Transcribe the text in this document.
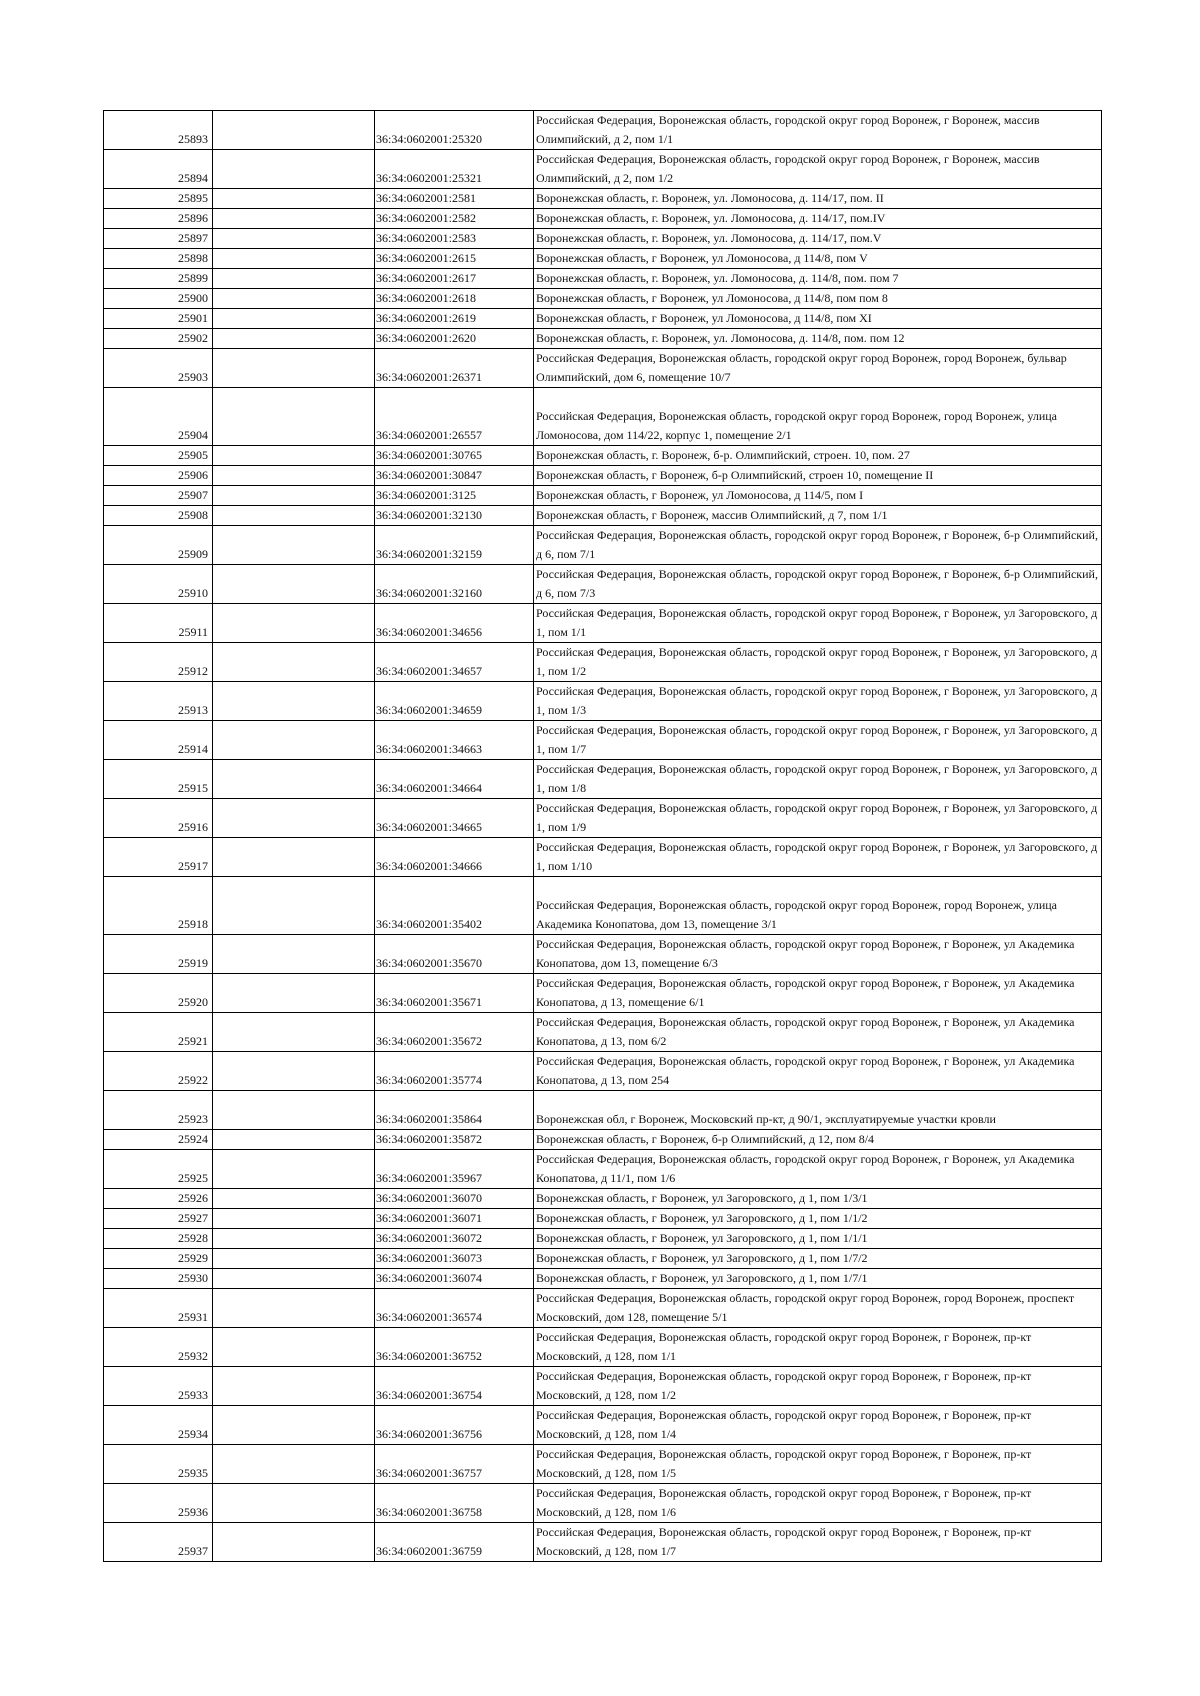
25893		36:34:0602001:25320	Российская Федерация, Воронежская область, городской округ город Воронеж, г Воронеж, массив Олимпийский, д 2, пом 1/1
25894		36:34:0602001:25321	Российская Федерация, Воронежская область, городской округ город Воронеж, г Воронеж, массив Олимпийский, д 2, пом 1/2
25895		36:34:0602001:2581	Воронежская область, г. Воронеж, ул. Ломоносова, д. 114/17, пом. II
25896		36:34:0602001:2582	Воронежская область, г. Воронеж, ул. Ломоносова, д. 114/17, пом.IV
25897		36:34:0602001:2583	Воронежская область, г. Воронеж, ул. Ломоносова, д. 114/17, пом.V
25898		36:34:0602001:2615	Воронежская область, г Воронеж, ул Ломоносова, д 114/8, пом V
25899		36:34:0602001:2617	Воронежская область, г. Воронеж, ул. Ломоносова, д. 114/8, пом. пом 7
25900		36:34:0602001:2618	Воронежская область, г Воронеж, ул Ломоносова, д 114/8, пом пом 8
25901		36:34:0602001:2619	Воронежская область, г Воронеж, ул Ломоносова, д 114/8, пом XI
25902		36:34:0602001:2620	Воронежская область, г. Воронеж, ул. Ломоносова, д. 114/8, пом. пом 12
25903		36:34:0602001:26371	Российская Федерация, Воронежская область, городской округ город Воронеж, город Воронеж, бульвар Олимпийский, дом 6, помещение 10/7
25904		36:34:0602001:26557	Российская Федерация, Воронежская область, городской округ город Воронеж, город Воронеж, улица Ломоносова, дом 114/22, корпус 1, помещение 2/1
25905		36:34:0602001:30765	Воронежская область, г. Воронеж, б-р. Олимпийский, строен. 10, пом. 27
25906		36:34:0602001:30847	Воронежская область, г Воронеж, б-р Олимпийский, строен 10, помещение II
25907		36:34:0602001:3125	Воронежская область, г Воронеж, ул Ломоносова, д 114/5, пом I
25908		36:34:0602001:32130	Воронежская область, г Воронеж, массив Олимпийский, д 7, пом 1/1
25909		36:34:0602001:32159	Российская Федерация, Воронежская область, городской округ город Воронеж, г Воронеж, б-р Олимпийский, д 6, пом 7/1
25910		36:34:0602001:32160	Российская Федерация, Воронежская область, городской округ город Воронеж, г Воронеж, б-р Олимпийский, д 6, пом 7/3
25911		36:34:0602001:34656	Российская Федерация, Воронежская область, городской округ город Воронеж, г Воронеж, ул Загоровского, д 1, пом 1/1
25912		36:34:0602001:34657	Российская Федерация, Воронежская область, городской округ город Воронеж, г Воронеж, ул Загоровского, д 1, пом 1/2
25913		36:34:0602001:34659	Российская Федерация, Воронежская область, городской округ город Воронеж, г Воронеж, ул Загоровского, д 1, пом 1/3
25914		36:34:0602001:34663	Российская Федерация, Воронежская область, городской округ город Воронеж, г Воронеж, ул Загоровского, д 1, пом 1/7
25915		36:34:0602001:34664	Российская Федерация, Воронежская область, городской округ город Воронеж, г Воронеж, ул Загоровского, д 1, пом 1/8
25916		36:34:0602001:34665	Российская Федерация, Воронежская область, городской округ город Воронеж, г Воронеж, ул Загоровского, д 1, пом 1/9
25917		36:34:0602001:34666	Российская Федерация, Воронежская область, городской округ город Воронеж, г Воронеж, ул Загоровского, д 1, пом 1/10
25918		36:34:0602001:35402	Российская Федерация, Воронежская область, городской округ город Воронеж, город Воронеж, улица Академика Конопатова, дом 13, помещение 3/1
25919		36:34:0602001:35670	Российская Федерация, Воронежская область, городской округ город Воронеж, г Воронеж, ул Академика Конопатова, дом 13, помещение 6/3
25920		36:34:0602001:35671	Российская Федерация, Воронежская область, городской округ город Воронеж, г Воронеж, ул Академика Конопатова, д 13, помещение 6/1
25921		36:34:0602001:35672	Российская Федерация, Воронежская область, городской округ город Воронеж, г Воронеж, ул Академика Конопатова, д 13, пом 6/2
25922		36:34:0602001:35774	Российская Федерация, Воронежская область, городской округ город Воронеж, г Воронеж, ул Академика Конопатова, д 13, пом 254
25923		36:34:0602001:35864	Воронежская обл, г Воронеж, Московский пр-кт, д 90/1, эксплуатируемые участки кровли
25924		36:34:0602001:35872	Воронежская область, г Воронеж, б-р Олимпийский, д 12, пом 8/4
25925		36:34:0602001:35967	Российская Федерация, Воронежская область, городской округ город Воронеж, г Воронеж, ул Академика Конопатова, д 11/1, пом 1/6
25926		36:34:0602001:36070	Воронежская область, г Воронеж, ул Загоровского, д 1, пом 1/3/1
25927		36:34:0602001:36071	Воронежская область, г Воронеж, ул Загоровского, д 1, пом 1/1/2
25928		36:34:0602001:36072	Воронежская область, г Воронеж, ул Загоровского, д 1, пом 1/1/1
25929		36:34:0602001:36073	Воронежская область, г Воронеж, ул Загоровского, д 1, пом 1/7/2
25930		36:34:0602001:36074	Воронежская область, г Воронеж, ул Загоровского, д 1, пом 1/7/1
25931		36:34:0602001:36574	Российская Федерация, Воронежская область, городской округ город Воронеж, город Воронеж, проспект Московский, дом 128, помещение 5/1
25932		36:34:0602001:36752	Российская Федерация, Воронежская область, городской округ город Воронеж, г Воронеж, пр-кт Московский, д 128, пом 1/1
25933		36:34:0602001:36754	Российская Федерация, Воронежская область, городской округ город Воронеж, г Воронеж, пр-кт Московский, д 128, пом 1/2
25934		36:34:0602001:36756	Российская Федерация, Воронежская область, городской округ город Воронеж, г Воронеж, пр-кт Московский, д 128, пом 1/4
25935		36:34:0602001:36757	Российская Федерация, Воронежская область, городской округ город Воронеж, г Воронеж, пр-кт Московский, д 128, пом 1/5
25936		36:34:0602001:36758	Российская Федерация, Воронежская область, городской округ город Воронеж, г Воронеж, пр-кт Московский, д 128, пом 1/6
25937		36:34:0602001:36759	Российская Федерация, Воронежская область, городской округ город Воронеж, г Воронеж, пр-кт Московский, д 128, пом 1/7
